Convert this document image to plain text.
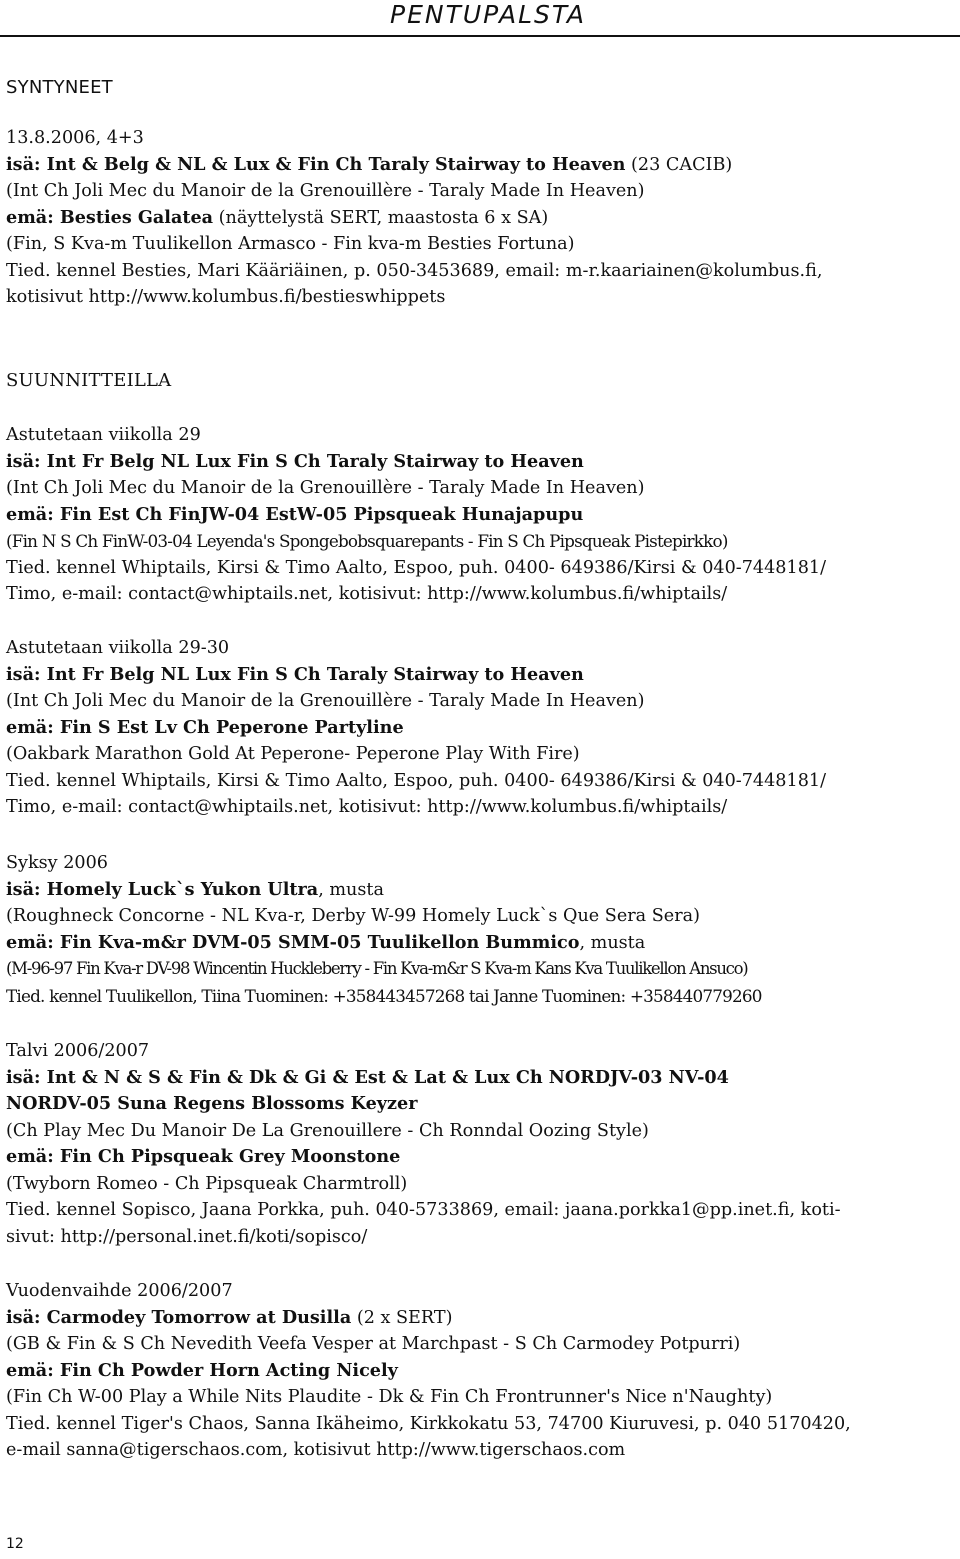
PENTUPALSTA
SYNTYNEET
13.8.2006, 4+3
isä: Int & Belg & NL & Lux & Fin Ch Taraly Stairway to Heaven (23 CACIB)
(Int Ch Joli Mec du Manoir de la Grenouillère - Taraly Made In Heaven)
emä: Besties Galatea (näyttelystä SERT, maastosta 6 x SA)
(Fin, S Kva-m Tuulikellon Armasco - Fin kva-m Besties Fortuna)
Tied. kennel Besties, Mari Kääriäinen, p. 050-3453689, email: m-r.kaariainen@kolumbus.fi,
kotisivut http://www.kolumbus.fi/bestieswhippets
SUUNNITTEILLA
Astutetaan viikolla 29
isä: Int Fr Belg NL Lux Fin S Ch Taraly Stairway to Heaven
(Int Ch Joli Mec du Manoir de la Grenouillère - Taraly Made In Heaven)
emä: Fin Est Ch FinJW-04 EstW-05 Pipsqueak Hunajapupu
(Fin N S Ch FinW-03-04 Leyenda's Spongebobsquarepants - Fin S Ch Pipsqueak Pistepirkko)
Tied. kennel Whiptails, Kirsi & Timo Aalto, Espoo, puh. 0400- 649386/Kirsi & 040-7448181/
Timo, e-mail: contact@whiptails.net, kotisivut: http://www.kolumbus.fi/whiptails/
Astutetaan viikolla 29-30
isä: Int Fr Belg NL Lux Fin S Ch Taraly Stairway to Heaven
(Int Ch Joli Mec du Manoir de la Grenouillère - Taraly Made In Heaven)
emä: Fin S Est Lv Ch Peperone Partyline
(Oakbark Marathon Gold At Peperone- Peperone Play With Fire)
Tied. kennel Whiptails, Kirsi & Timo Aalto, Espoo, puh. 0400- 649386/Kirsi & 040-7448181/
Timo, e-mail: contact@whiptails.net, kotisivut: http://www.kolumbus.fi/whiptails/
Syksy 2006
isä: Homely Luck`s Yukon Ultra, musta
(Roughneck Concorne - NL Kva-r, Derby W-99 Homely Luck`s Que Sera Sera)
emä: Fin Kva-m&r DVM-05 SMM-05 Tuulikellon Bummico, musta
(M-96-97 Fin Kva-r DV-98 Wincentin Huckleberry - Fin Kva-m&r S Kva-m Kans Kva Tuulikellon Ansuco)
Tied. kennel Tuulikellon, Tiina Tuominen: +358443457268 tai Janne Tuominen: +358440779260
Talvi 2006/2007
isä: Int & N & S & Fin & Dk & Gi & Est & Lat & Lux Ch NORDJV-03 NV-04
NORDV-05 Suna Regens Blossoms Keyzer
(Ch Play Mec Du Manoir De La Grenouillere - Ch Ronndal Oozing Style)
emä: Fin Ch Pipsqueak Grey Moonstone
(Twyborn Romeo - Ch Pipsqueak Charmtroll)
Tied. kennel Sopisco, Jaana Porkka, puh. 040-5733869, email: jaana.porkka1@pp.inet.fi, koti-
sivut: http://personal.inet.fi/koti/sopisco/
Vuodenvaihde 2006/2007
isä: Carmodey Tomorrow at Dusilla (2 x SERT)
(GB & Fin & S Ch Nevedith Veefa Vesper at Marchpast - S Ch Carmodey Potpurri)
emä: Fin Ch Powder Horn Acting Nicely
(Fin Ch W-00 Play a While Nits Plaudite - Dk & Fin Ch Frontrunner's Nice n'Naughty)
Tied. kennel Tiger's Chaos, Sanna Ikäheimo, Kirkkokatu 53, 74700 Kiuruvesi, p. 040 5170420,
e-mail sanna@tigerschaos.com, kotisivut http://www.tigerschaos.com
12
